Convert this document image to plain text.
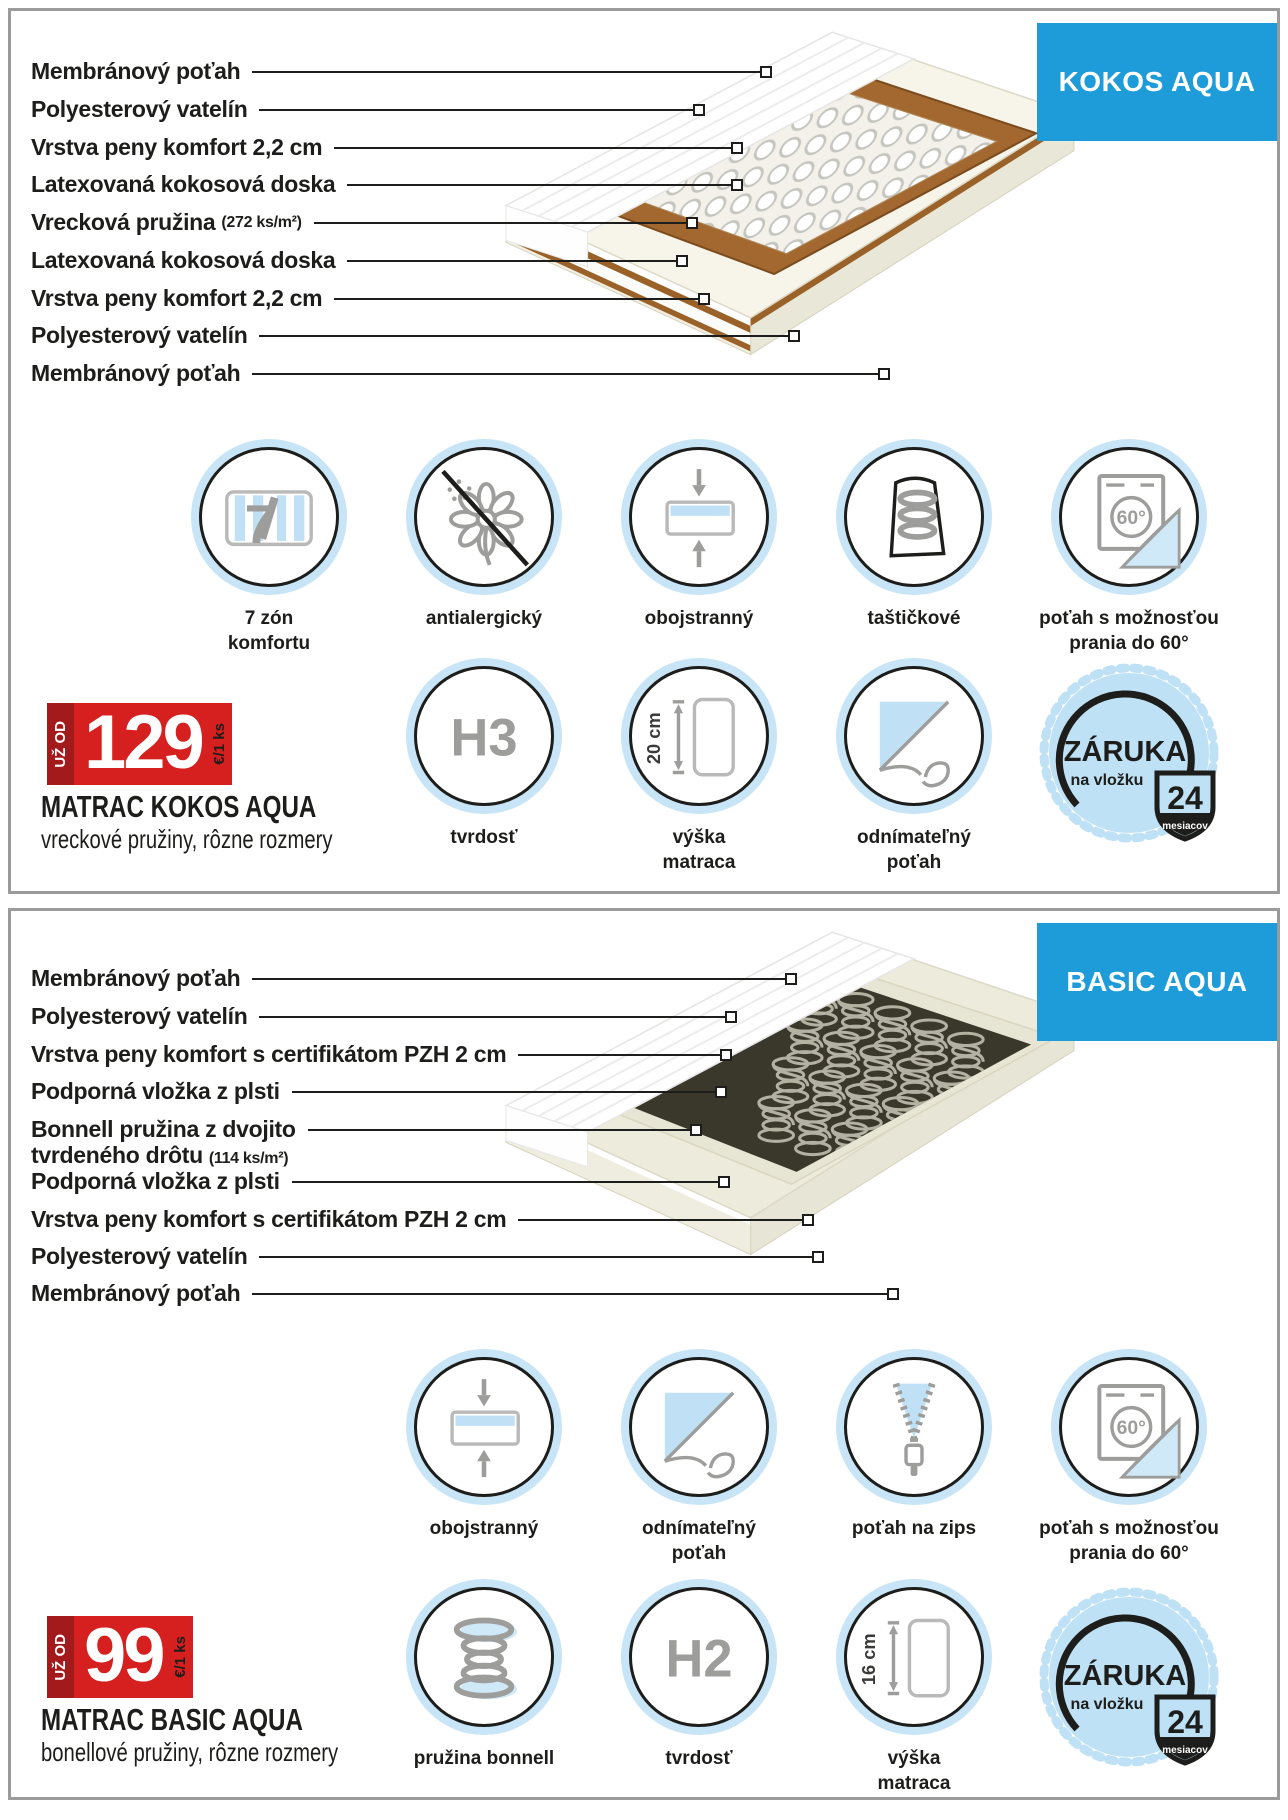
KOKOS AQUA
Membránový poťah
Polyesterový vatelín
Vrstva peny komfort 2,2 cm
Latexovaná kokosová doska
Vrecková pružina (272 ks/m²)
Latexovaná kokosová doska
Vrstva peny komfort 2,2 cm
Polyesterový vatelín
Membránový poťah
7
7 zón
komfortu
antialergický	obojstranný	taštičkové
60°
poťah s možnosťou
prania do 60°
H3
tvrdosť
20 cm
výška
matraca
odnímateľný
poťah
ZÁRUKA
na vložku 24
mesiacov
UŽ OD 129 €/1 ks
MATRAC KOKOS AQUA
vreckové pružiny, rôzne rozmery
BASIC AQUA
Membránový poťah
Polyesterový vatelín
Vrstva peny komfort s certifikátom PZH 2 cm
Podporná vložka z plsti
Bonnell pružina z dvojito
tvrdeného drôtu (114 ks/m²)
Podporná vložka z plsti
Vrstva peny komfort s certifikátom PZH 2 cm
Polyesterový vatelín
Membránový poťah
obojstranný	odnímateľný
poťah
poťah na zips
60°
poťah s možnosťou
prania do 60°
pružina bonnell
H2
tvrdosť
16 cm
výška
matraca
ZÁRUKA
na vložku 24
mesiacov
UŽ OD 99 €/1 ks
MATRAC BASIC AQUA
bonellové pružiny, rôzne rozmery
